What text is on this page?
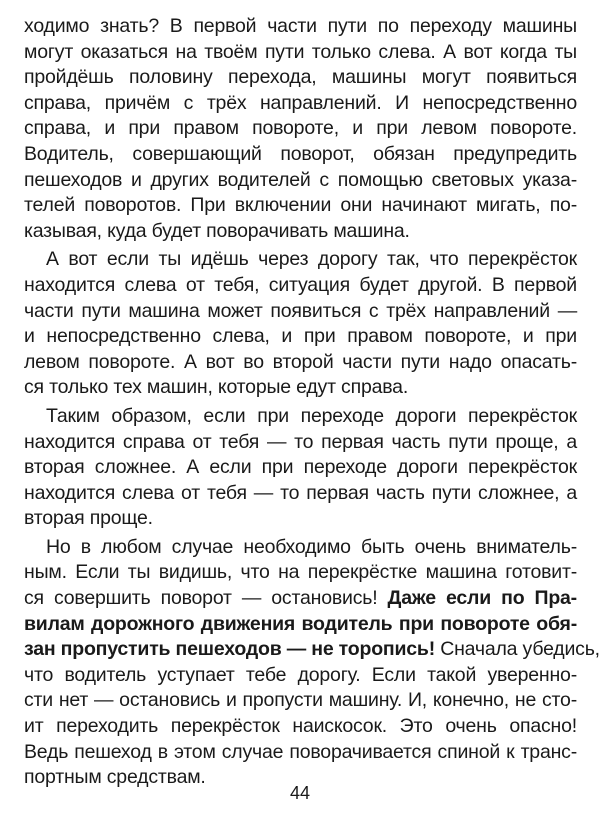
ходимо знать? В первой части пути по переходу машины
могут оказаться на твоём пути только слева. А вот когда ты
пройдёшь половину перехода, машины могут появиться
справа, причём с трёх направлений. И непосредственно
справа, и при правом повороте, и при левом повороте.
Водитель, совершающий поворот, обязан предупредить
пешеходов и других водителей с помощью световых указа-
телей поворотов. При включении они начинают мигать, по-
казывая, куда будет поворачивать машина.
А вот если ты идёшь через дорогу так, что перекрёсток
находится слева от тебя, ситуация будет другой. В первой
части пути машина может появиться с трёх направлений —
и непосредственно слева, и при правом повороте, и при
левом повороте. А вот во второй части пути надо опасать-
ся только тех машин, которые едут справа.
Таким образом, если при переходе дороги перекрёсток
находится справа от тебя — то первая часть пути проще, а
вторая сложнее. А если при переходе дороги перекрёсток
находится слева от тебя — то первая часть пути сложнее, а
вторая проще.
Но в любом случае необходимо быть очень вниматель-
ным. Если ты видишь, что на перекрёстке машина готовит-
ся совершить поворот — остановись! Даже если по Пра-
вилам дорожного движения водитель при повороте обя-
зан пропустить пешеходов — не торопись! Сначала убедись,
что водитель уступает тебе дорогу. Если такой уверенно-
сти нет — остановись и пропусти машину. И, конечно, не сто-
ит переходить перекрёсток наискосок. Это очень опасно!
Ведь пешеход в этом случае поворачивается спиной к транс-
портным средствам.
44
